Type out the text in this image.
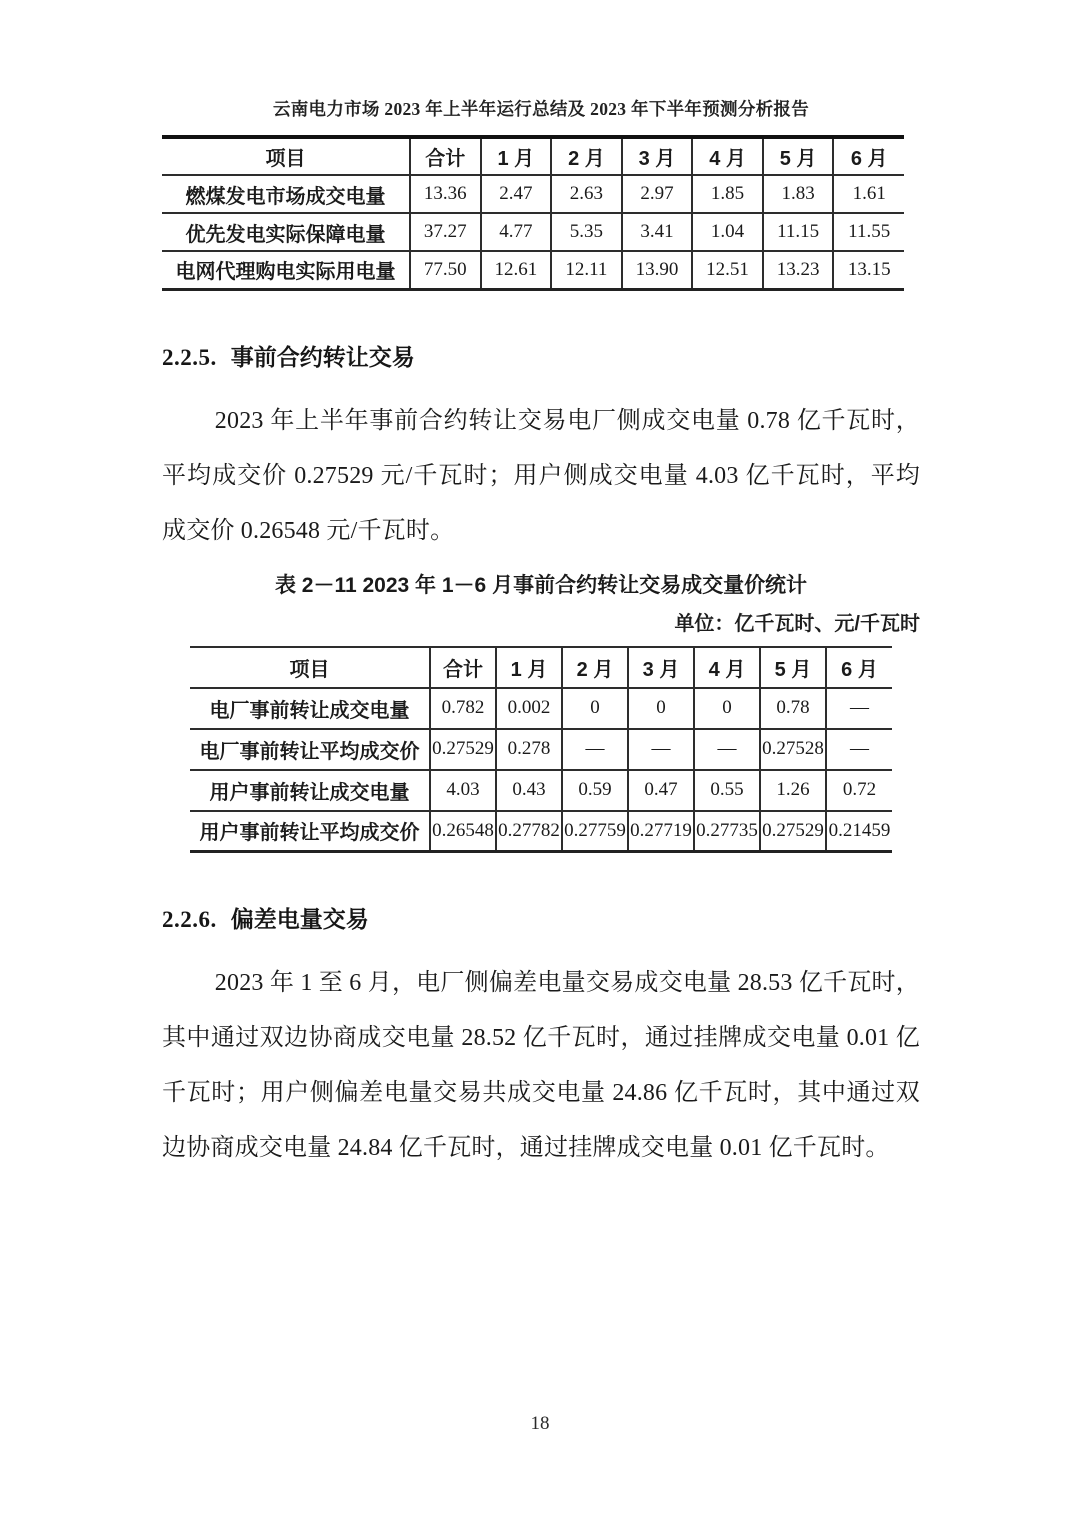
云南电力市场 2023 年上半年运行总结及 2023 年下半年预测分析报告
项目	合计	1 月	2 月	3 月	4 月	5 月	6 月
燃煤发电市场成交电量	13.36	2.47	2.63	2.97	1.85	1.83	1.61
优先发电实际保障电量	37.27	4.77	5.35	3.41	1.04	11.15	11.55
电网代理购电实际用电量	77.50	12.61	12.11	13.90	12.51	13.23	13.15
2.2.5. 事前合约转让交易
2023 年上半年事前合约转让交易电厂侧成交电量 0.78 亿千瓦时，平均成交价 0.27529 元/千瓦时；用户侧成交电量 4.03 亿千瓦时，平均成交价 0.26548 元/千瓦时。
表 2－11 2023 年 1－6 月事前合约转让交易成交量价统计
单位：亿千瓦时、元/千瓦时
项目	合计	1 月	2 月	3 月	4 月	5 月	6 月
电厂事前转让成交电量	0.782	0.002	0	0	0	0.78	—
电厂事前转让平均成交价	0.27529	0.278	—	—	—	0.27528	—
用户事前转让成交电量	4.03	0.43	0.59	0.47	0.55	1.26	0.72
用户事前转让平均成交价	0.26548	0.27782	0.27759	0.27719	0.27735	0.27529	0.21459
2.2.6. 偏差电量交易
2023 年 1 至 6 月，电厂侧偏差电量交易成交电量 28.53 亿千瓦时，其中通过双边协商成交电量 28.52 亿千瓦时，通过挂牌成交电量 0.01 亿千瓦时；用户侧偏差电量交易共成交电量 24.86 亿千瓦时，其中通过双边协商成交电量 24.84 亿千瓦时，通过挂牌成交电量 0.01 亿千瓦时。
18
